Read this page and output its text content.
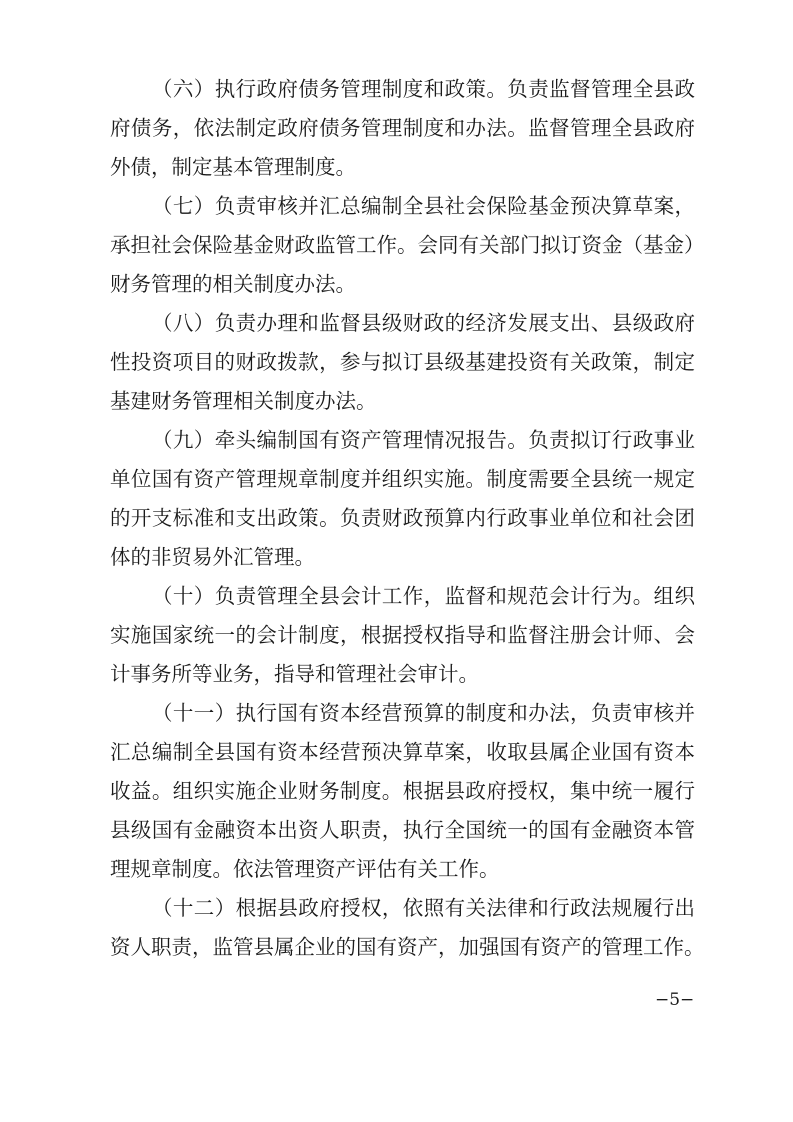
（六）执行政府债务管理制度和政策。负责监督管理全县政
府债务，依法制定政府债务管理制度和办法。监督管理全县政府
外债，制定基本管理制度。
（七）负责审核并汇总编制全县社会保险基金预决算草案，
承担社会保险基金财政监管工作。会同有关部门拟订资金（基金）
财务管理的相关制度办法。
（八）负责办理和监督县级财政的经济发展支出、县级政府
性投资项目的财政拨款，参与拟订县级基建投资有关政策，制定
基建财务管理相关制度办法。
（九）牵头编制国有资产管理情况报告。负责拟订行政事业
单位国有资产管理规章制度并组织实施。制度需要全县统一规定
的开支标准和支出政策。负责财政预算内行政事业单位和社会团
体的非贸易外汇管理。
（十）负责管理全县会计工作，监督和规范会计行为。组织
实施国家统一的会计制度，根据授权指导和监督注册会计师、会
计事务所等业务，指导和管理社会审计。
（十一）执行国有资本经营预算的制度和办法，负责审核并
汇总编制全县国有资本经营预决算草案，收取县属企业国有资本
收益。组织实施企业财务制度。根据县政府授权，集中统一履行
县级国有金融资本出资人职责，执行全国统一的国有金融资本管
理规章制度。依法管理资产评估有关工作。
（十二）根据县政府授权，依照有关法律和行政法规履行出
资人职责，监管县属企业的国有资产，加强国有资产的管理工作。
−5−
